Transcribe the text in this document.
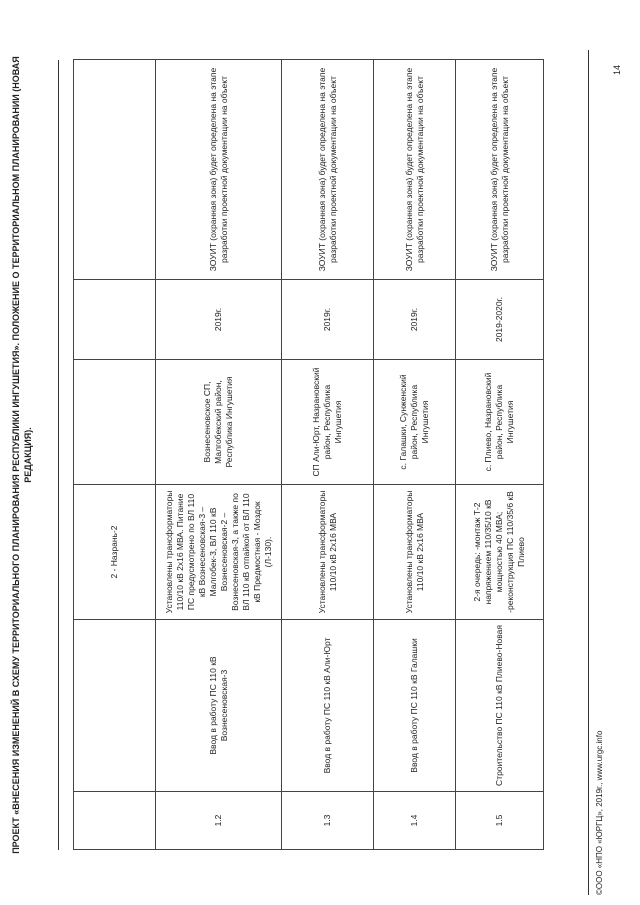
ПРОЕКТ «ВНЕСЕНИЯ ИЗМЕНЕНИЙ В СХЕМУ ТЕРРИТОРИАЛЬНОГО ПЛАНИРОВАНИЯ РЕСПУБЛИКИ ИНГУШЕТИЯ». ПОЛОЖЕНИЕ О ТЕРРИТОРИАЛЬНОМ ПЛАНИРОВАНИИ (НОВАЯ РЕДАКЦИЯ).
		2 - Назрань-2			
1.2	Ввод в работу ПС 110 кВ Вознесеновская-3	Установлены трансформаторы 110/10 кВ 2х16 МВА. Питание ПС предусмотрено по ВЛ 110 кВ Вознесеновская-3 – Малгобек-3, ВЛ 110 кВ Вознесеновская-2 – Вознесеновская-3, а также по ВЛ 110 кВ отпайкой от ВЛ 110 кВ Предмостная - Моздок (Л-130).	Вознесеновское СП, Малгобекский район, Республика Ингушетия	2019г.	ЗОУИТ (охранная зона) будет определена на этапе разработки проектной документации на объект
1.3	Ввод в работу ПС 110 кВ Али-Юрт	Установлены трансформаторы 110/10 кВ 2х16 МВА	СП Али-Юрт, Назрановский район, Республика Ингушетия	2019г.	ЗОУИТ (охранная зона) будет определена на этапе разработки проектной документации на объект
1.4	Ввод в работу ПС 110 кВ Галашки	Установлены трансформаторы 110/10 кВ 2х16 МВА	с. Галашки, Сунженский район, Республика Ингушетия	2019г.	ЗОУИТ (охранная зона) будет определена на этапе разработки проектной документации на объект
1.5	Строительство ПС 110 кВ Плиево-Новая	2-я очередь: -монтаж Т-2 напряжением 110/35/10 кВ мощностью 40 МВА; -реконструкция ПС 110/35/6 кВ Плиево	с. Плиево, Назрановский район, Республика Ингушетия	2019-2020г.	ЗОУИТ (охранная зона) будет определена на этапе разработки проектной документации на объект
©ООО «НПО «ЮРГЦ», 2019г., www.urgc.info
14
